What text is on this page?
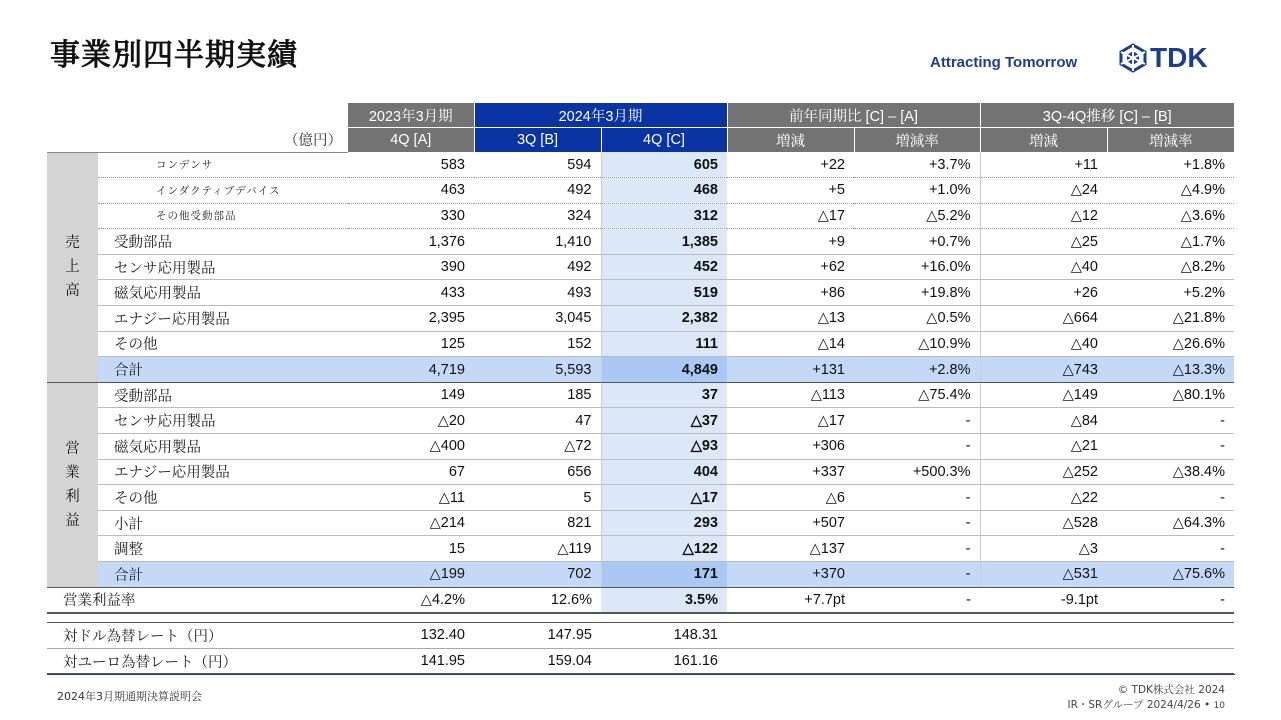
事業別四半期実績	Attracting Tomorrow	TDK
		2023年3月期	2024年3月期		前年同期比 [C] – [A]		3Q-4Q推移 [C] – [B]	
（億円）		4Q [A]	3Q [B]	4Q [C]	増減	増減率	増減	増減率

売
上
高	コンデンサ	583	594	605	+22	+3.7%	+11	+1.8%
	インダクティブデバイス	463	492	468	+5	+1.0%	△24	△4.9%
	その他受動部品	330	324	312	△17	△5.2%	△12	△3.6%
	受動部品	1,376	1,410	1,385	+9	+0.7%	△25	△1.7%
	センサ応用製品	390	492	452	+62	+16.0%	△40	△8.2%
	磁気応用製品	433	493	519	+86	+19.8%	+26	+5.2%
	エナジー応用製品	2,395	3,045	2,382	△13	△0.5%	△664	△21.8%
	その他	125	152	111	△14	△10.9%	△40	△26.6%
	合計	4,719	5,593	4,849	+131	+2.8%	△743	△13.3%

営
業
利
益	受動部品	149	185	37	△113	△75.4%	△149	△80.1%
	センサ応用製品	△20	47	△37	△17	-	△84	-
	磁気応用製品	△400	△72	△93	+306	-	△21	-
	エナジー応用製品	67	656	404	+337	+500.3%	△252	△38.4%
	その他	△11	5	△17	△6	-	△22	-
	小計	△214	821	293	+507	-	△528	△64.3%
	調整	15	△119	△122	△137	-	△3	-
	合計	△199	702	171	+370	-	△531	△75.6%
営業利益率		△4.2%	12.6%	3.5%	+7.7pt	-	-9.1pt	-

対ドル為替レート（円）		132.40	147.95	148.31				
対ユーロ為替レート（円）		141.95	159.04	161.16				
2024年3月期通期決算説明会	© TDK株式会社 2024
IR・SRグループ 2024/4/26 • 10
